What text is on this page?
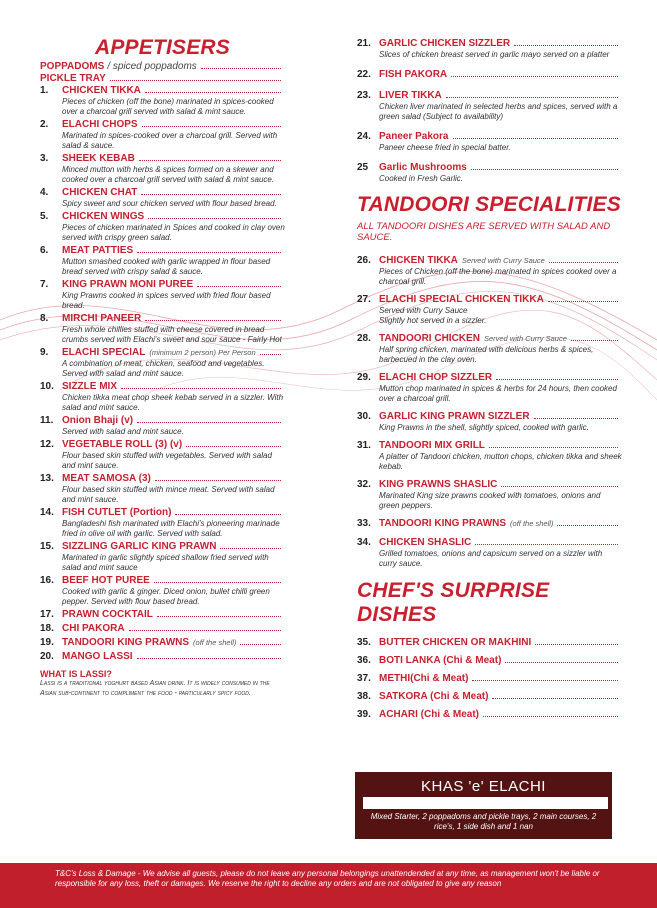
APPETISERS
POPPADOMS / spiced poppadoms
PICKLE TRAY
1.	CHICKEN TIKKA
Pieces of chicken (off the bone) marinated in spices-cooked over a charcoal grill served with salad & mint sauce.
2.	ELACHI CHOPS
Marinated in spices-cooked over a charcoal grill. Served with salad & sauce.
3.	SHEEK KEBAB
Minced mutton with herbs & spices formed on a skewer and cooked over a charcoal grill served with salad & mint sauce.
4.	CHICKEN CHAT
Spicy sweet and sour chicken served with flour based bread.
5.	CHICKEN WINGS
Pieces of chicken marinated in Spices and cooked in clay oven served with crispy green salad.
6.	MEAT PATTIES
Mutton smashed cooked with garlic wrapped in flour based bread served with crispy salad & sauce.
7.	KING PRAWN MONI PUREE
King Prawns cooked in spices served with fried flour based bread.
8.	MIRCHI PANEER
Fresh whole chillies stuffed with cheese covered in bread crumbs served with Elachi's sweet and sour sauce - Fairly Hot
9.	ELACHI SPECIAL (minimum 2 person) Per Person
A combination of meat, chicken, seafood and vegetables. Served with salad and mint sauce.
10. SIZZLE MIX
Chicken tikka meat chop sheek kebab served in a sizzler. With salad and mint sauce.
11. Onion Bhaji (v)
Served with salad and mint sauce.
12. VEGETABLE ROLL (3) (v)
Flour based skin stuffed with vegetables. Served with salad and mint sauce.
13. MEAT SAMOSA (3)
Flour based skin stuffed with mince meat. Served with salad and mint sauce.
14. FISH CUTLET (Portion)
Bangladeshi fish marinated with Elachi's pioneering marinade fried in olive oil with garlic. Served with salad.
15. SIZZLING GARLIC KING PRAWN
Marinated in garlic slightly spiced shallow fried served with salad and mint sauce
16. BEEF HOT PUREE
Cooked with garlic & ginger. Diced onion, bullet chilli green pepper. Served with flour based bread.
17. PRAWN COCKTAIL
18. CHI PAKORA
19. TANDOORI KING PRAWNS (off the shell)
20. MANGO LASSI
WHAT IS LASSI?
Lassi is a traditional yoghurt based Asian drink. It is widely consumed in the Asian sub-continent to compliment the food - particularly spicy food.
21. GARLIC CHICKEN SIZZLER
Slices of chicken breast served in garlic mayo served on a platter
22. FISH PAKORA
23. LIVER TIKKA
Chicken liver marinated in selected herbs and spices, served with a green salad (Subject to availability)
24. Paneer Pakora
Paneer cheese fried in special batter.
25	Garlic Mushrooms
Cooked in Fresh Garlic.
TANDOORI SPECIALITIES
ALL TANDOORI DISHES ARE SERVED WITH SALAD AND SAUCE.
26. CHICKEN TIKKA Served with Curry Sauce
Pieces of Chicken (off the bone) marinated in spices cooked over a charcoal grill.
27. ELACHI SPECIAL CHICKEN TIKKA
Served with Curry Sauce
Slightly hot served in a sizzler.
28. TANDOORI CHICKEN Served with Curry Sauce
Half spring chicken, marinated with delicious herbs & spices, barbecued in the clay oven.
29. ELACHI CHOP SIZZLER
Mutton chop marinated in spices & herbs for 24 hours, then cooked over a charcoal grill.
30. GARLIC KING PRAWN SIZZLER
King Prawns in the shell, slightly spiced, cooked with garlic.
31. TANDOORI MIX GRILL
A platter of Tandoori chicken, mutton chops, chicken tikka and sheek kebab.
32. KING PRAWNS SHASLIC
Marinated King size prawns cooked with tomatoes, onions and green peppers.
33. TANDOORI KING PRAWNS (off the shell)
34. CHICKEN SHASLIC
Grilled tomatoes, onions and capsicum served on a sizzler with curry sauce.
CHEF'S SURPRISE DISHES
35. BUTTER CHICKEN OR MAKHINI
36. BOTI LANKA (Chi & Meat)
37. METHI(Chi & Meat)
38. SATKORA (Chi & Meat)
39. ACHARI (Chi & Meat)
KHAS 'e' ELACHI
Mixed Starter, 2 poppadoms and pickle trays, 2 main courses, 2 rice's, 1 side dish and 1 nan
T&C's Loss & Damage - We advise all guests, please do not leave any personal belongings unattendended at any time, as management won't be liable or responsible for any loss, theft or damages. We reserve the right to decline any orders and are not obligated to give any reason
